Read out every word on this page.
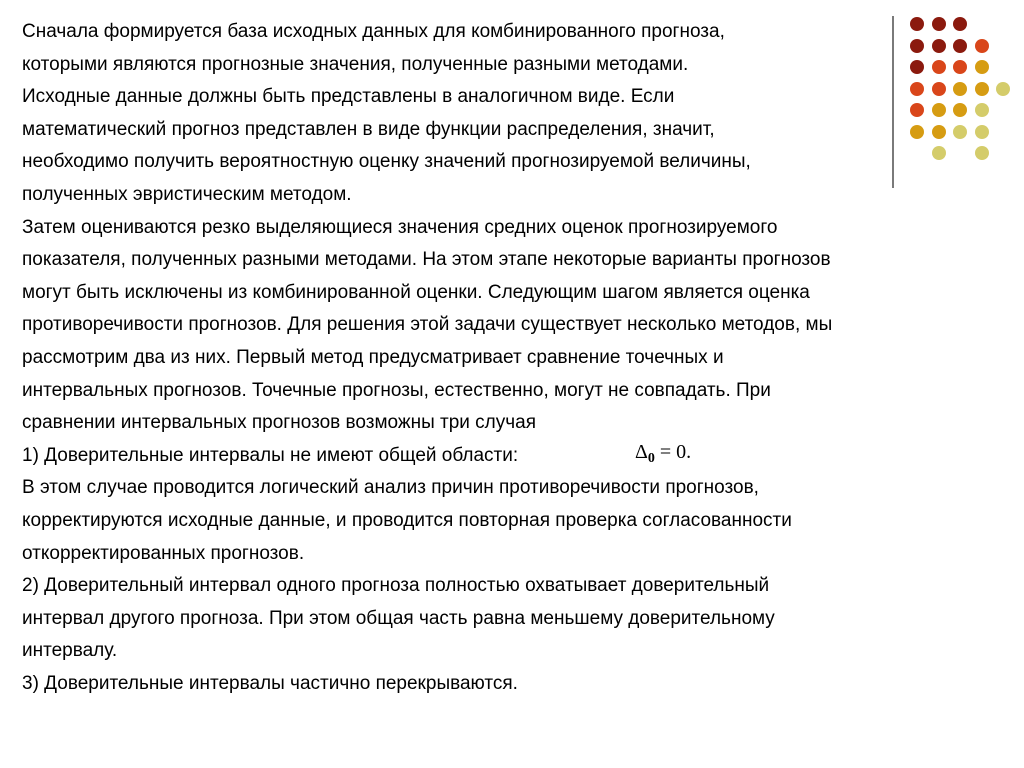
Сначала формируется база исходных данных для комбинированного прогноза,
которыми являются прогнозные значения, полученные разными методами.
Исходные данные должны быть представлены в аналогичном виде. Если
математический прогноз представлен в виде функции распределения, значит,
необходимо получить вероятностную оценку значений прогнозируемой величины,
полученных эвристическим методом.

Затем оцениваются резко выделяющиеся значения средних оценок прогнозируемого
показателя, полученных разными методами. На этом этапе некоторые варианты прогнозов
могут быть исключены из комбинированной оценки. Следующим шагом является оценка
противоречивости прогнозов. Для решения этой задачи существует несколько методов, мы
рассмотрим два из них. Первый метод предусматривает сравнение точечных и
интервальных прогнозов. Точечные прогнозы, естественно, могут не совпадать. При
сравнении интервальных прогнозов возможны три случая

1) Доверительные интервалы не имеют общей области:

В этом случае проводится логический анализ причин противоречивости прогнозов,
корректируются исходные данные, и проводится повторная проверка согласованности
откорректированных прогнозов.

2) Доверительный интервал одного прогноза полностью охватывает доверительный
интервал другого прогноза. При этом общая часть равна меньшему доверительному
интервалу.

3) Доверительные интервалы частично перекрываются.

$\Delta_0 = 0$.
